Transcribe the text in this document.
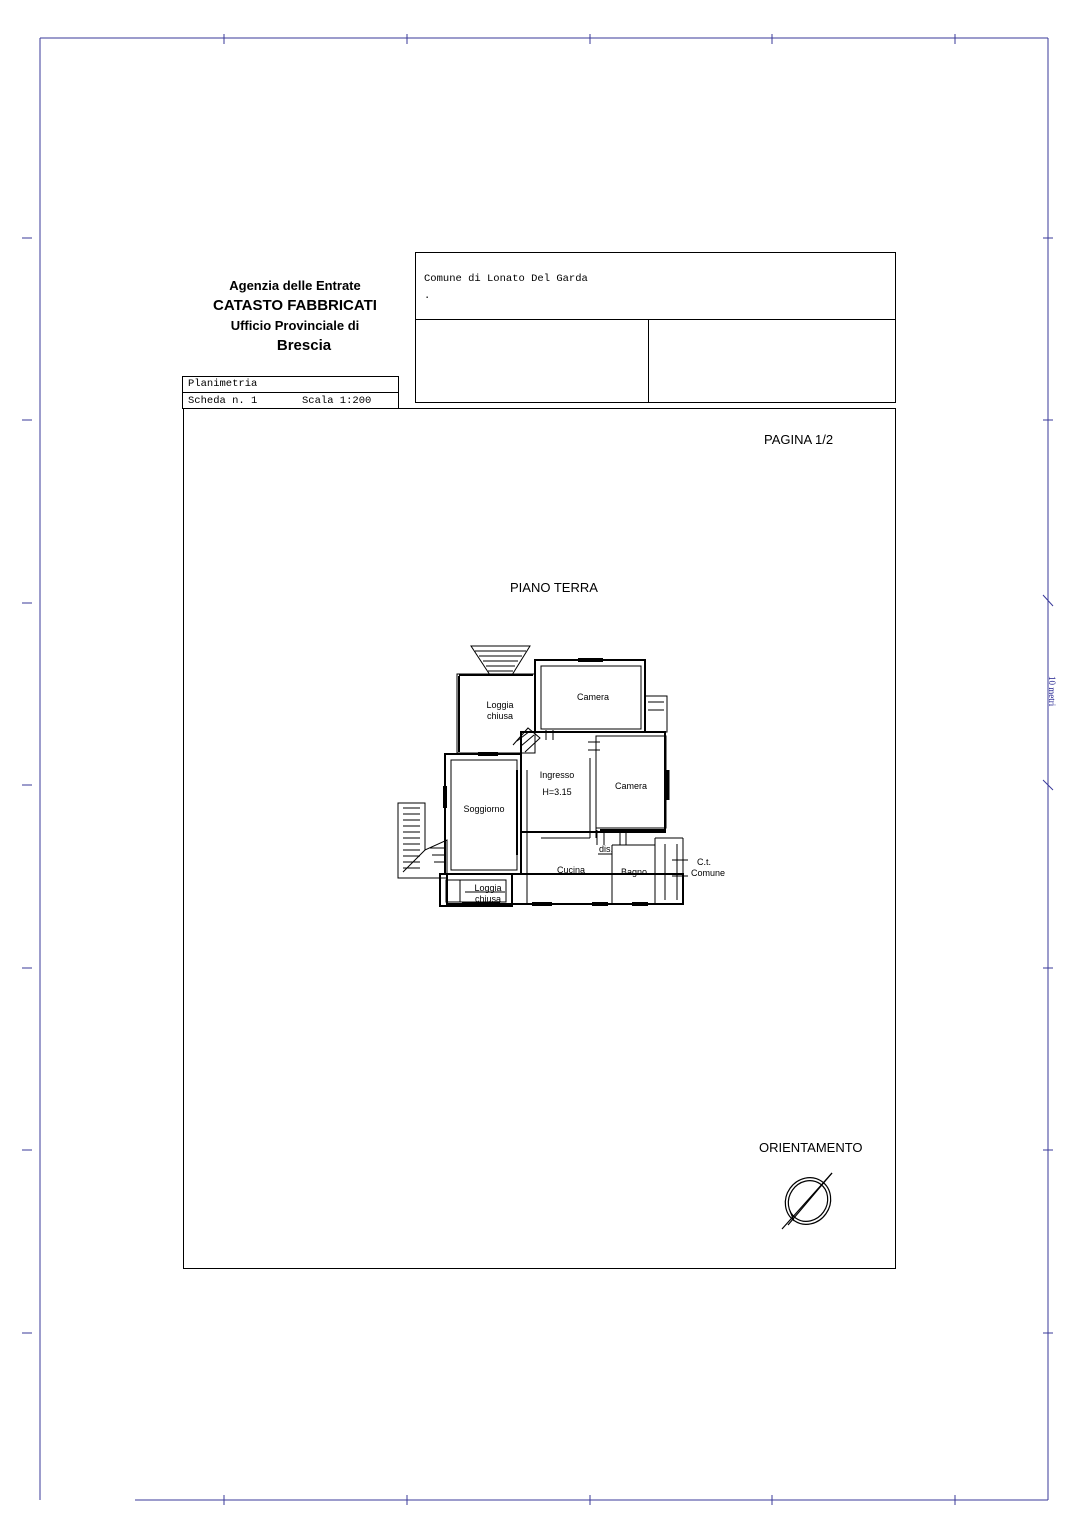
Agenzia delle Entrate
CATASTO FABBRICATI
Ufficio Provinciale di
Brescia
Comune di Lonato Del Garda
.
Planimetria
Scheda n. 1	Scala 1:200
PAGINA 1/2
PIANO TERRA
ORIENTAMENTO
10 metri
Loggia
chiusa
Camera
Ingresso
H=3.15
Camera
Soggiorno
dis.
Cucina	Bagno
C.t.
Comune
Loggia
chiusa
